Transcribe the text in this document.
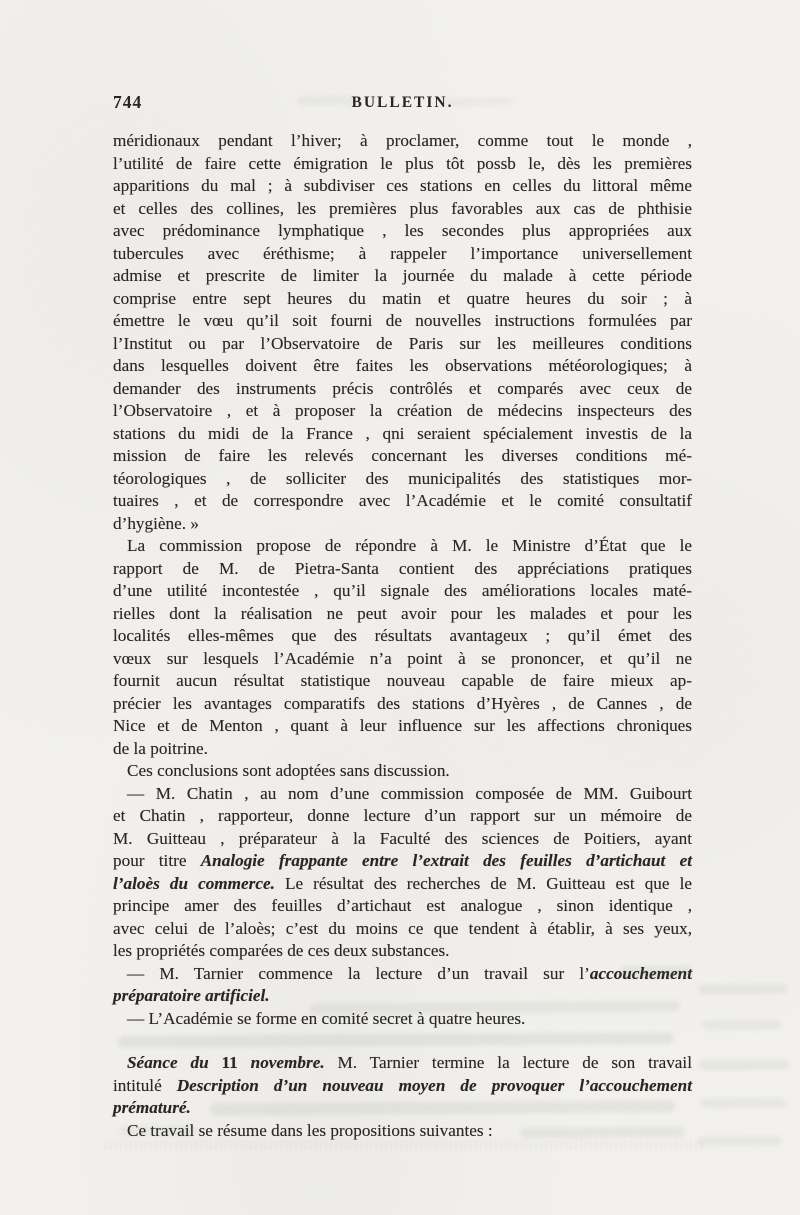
744	BULLETIN.
méridionaux pendant l’hiver; à proclamer, comme tout le monde ,
l’utilité de faire cette émigration le plus tôt possb le, dès les premières
apparitions du mal ; à subdiviser ces stations en celles du littoral même
et celles des collines, les premières plus favorables aux cas de phthisie
avec prédominance lymphatique , les secondes plus appropriées aux
tubercules avec éréthisme; à rappeler l’importance universellement
admise et prescrite de limiter la journée du malade à cette période
comprise entre sept heures du matin et quatre heures du soir ; à
émettre le vœu qu’il soit fourni de nouvelles instructions formulées par
l’Institut ou par l’Observatoire de Paris sur les meilleures conditions
dans lesquelles doivent être faites les observations météorologiques; à
demander des instruments précis contrôlés et comparés avec ceux de
l’Observatoire , et à proposer la création de médecins inspecteurs des
stations du midi de la France , qni seraient spécialement investis de la
mission de faire les relevés concernant les diverses conditions mé-
téorologiques , de solliciter des municipalités des statistiques mor-
tuaires , et de correspondre avec l’Académie et le comité consultatif
d’hygiène. »
La commission propose de répondre à M. le Ministre d’État que le
rapport de M. de Pietra-Santa contient des appréciations pratiques
d’une utilité incontestée , qu’il signale des améliorations locales maté-
rielles dont la réalisation ne peut avoir pour les malades et pour les
localités elles-mêmes que des résultats avantageux ; qu’il émet des
vœux sur lesquels l’Académie n’a point à se prononcer, et qu’il ne
fournit aucun résultat statistique nouveau capable de faire mieux ap-
précier les avantages comparatifs des stations d’Hyères , de Cannes , de
Nice et de Menton , quant à leur influence sur les affections chroniques
de la poitrine.
Ces conclusions sont adoptées sans discussion.
— M. Chatin , au nom d’une commission composée de MM. Guibourt
et Chatin , rapporteur, donne lecture d’un rapport sur un mémoire de
M. Guitteau , préparateur à la Faculté des sciences de Poitiers, ayant
pour titre Analogie frappante entre l’extrait des feuilles d’artichaut et
l’aloès du commerce. Le résultat des recherches de M. Guitteau est que le
principe amer des feuilles d’artichaut est analogue , sinon identique ,
avec celui de l’aloès; c’est du moins ce que tendent à établir, à ses yeux,
les propriétés comparées de ces deux substances.
— M. Tarnier commence la lecture d’un travail sur l’accouchement
préparatoire artificiel.
— L’Académie se forme en comité secret à quatre heures.
Séance du 11 novembre. M. Tarnier termine la lecture de son travail
intitulé Description d’un nouveau moyen de provoquer l’accouchement
prématuré.
Ce travail se résume dans les propositions suivantes :
